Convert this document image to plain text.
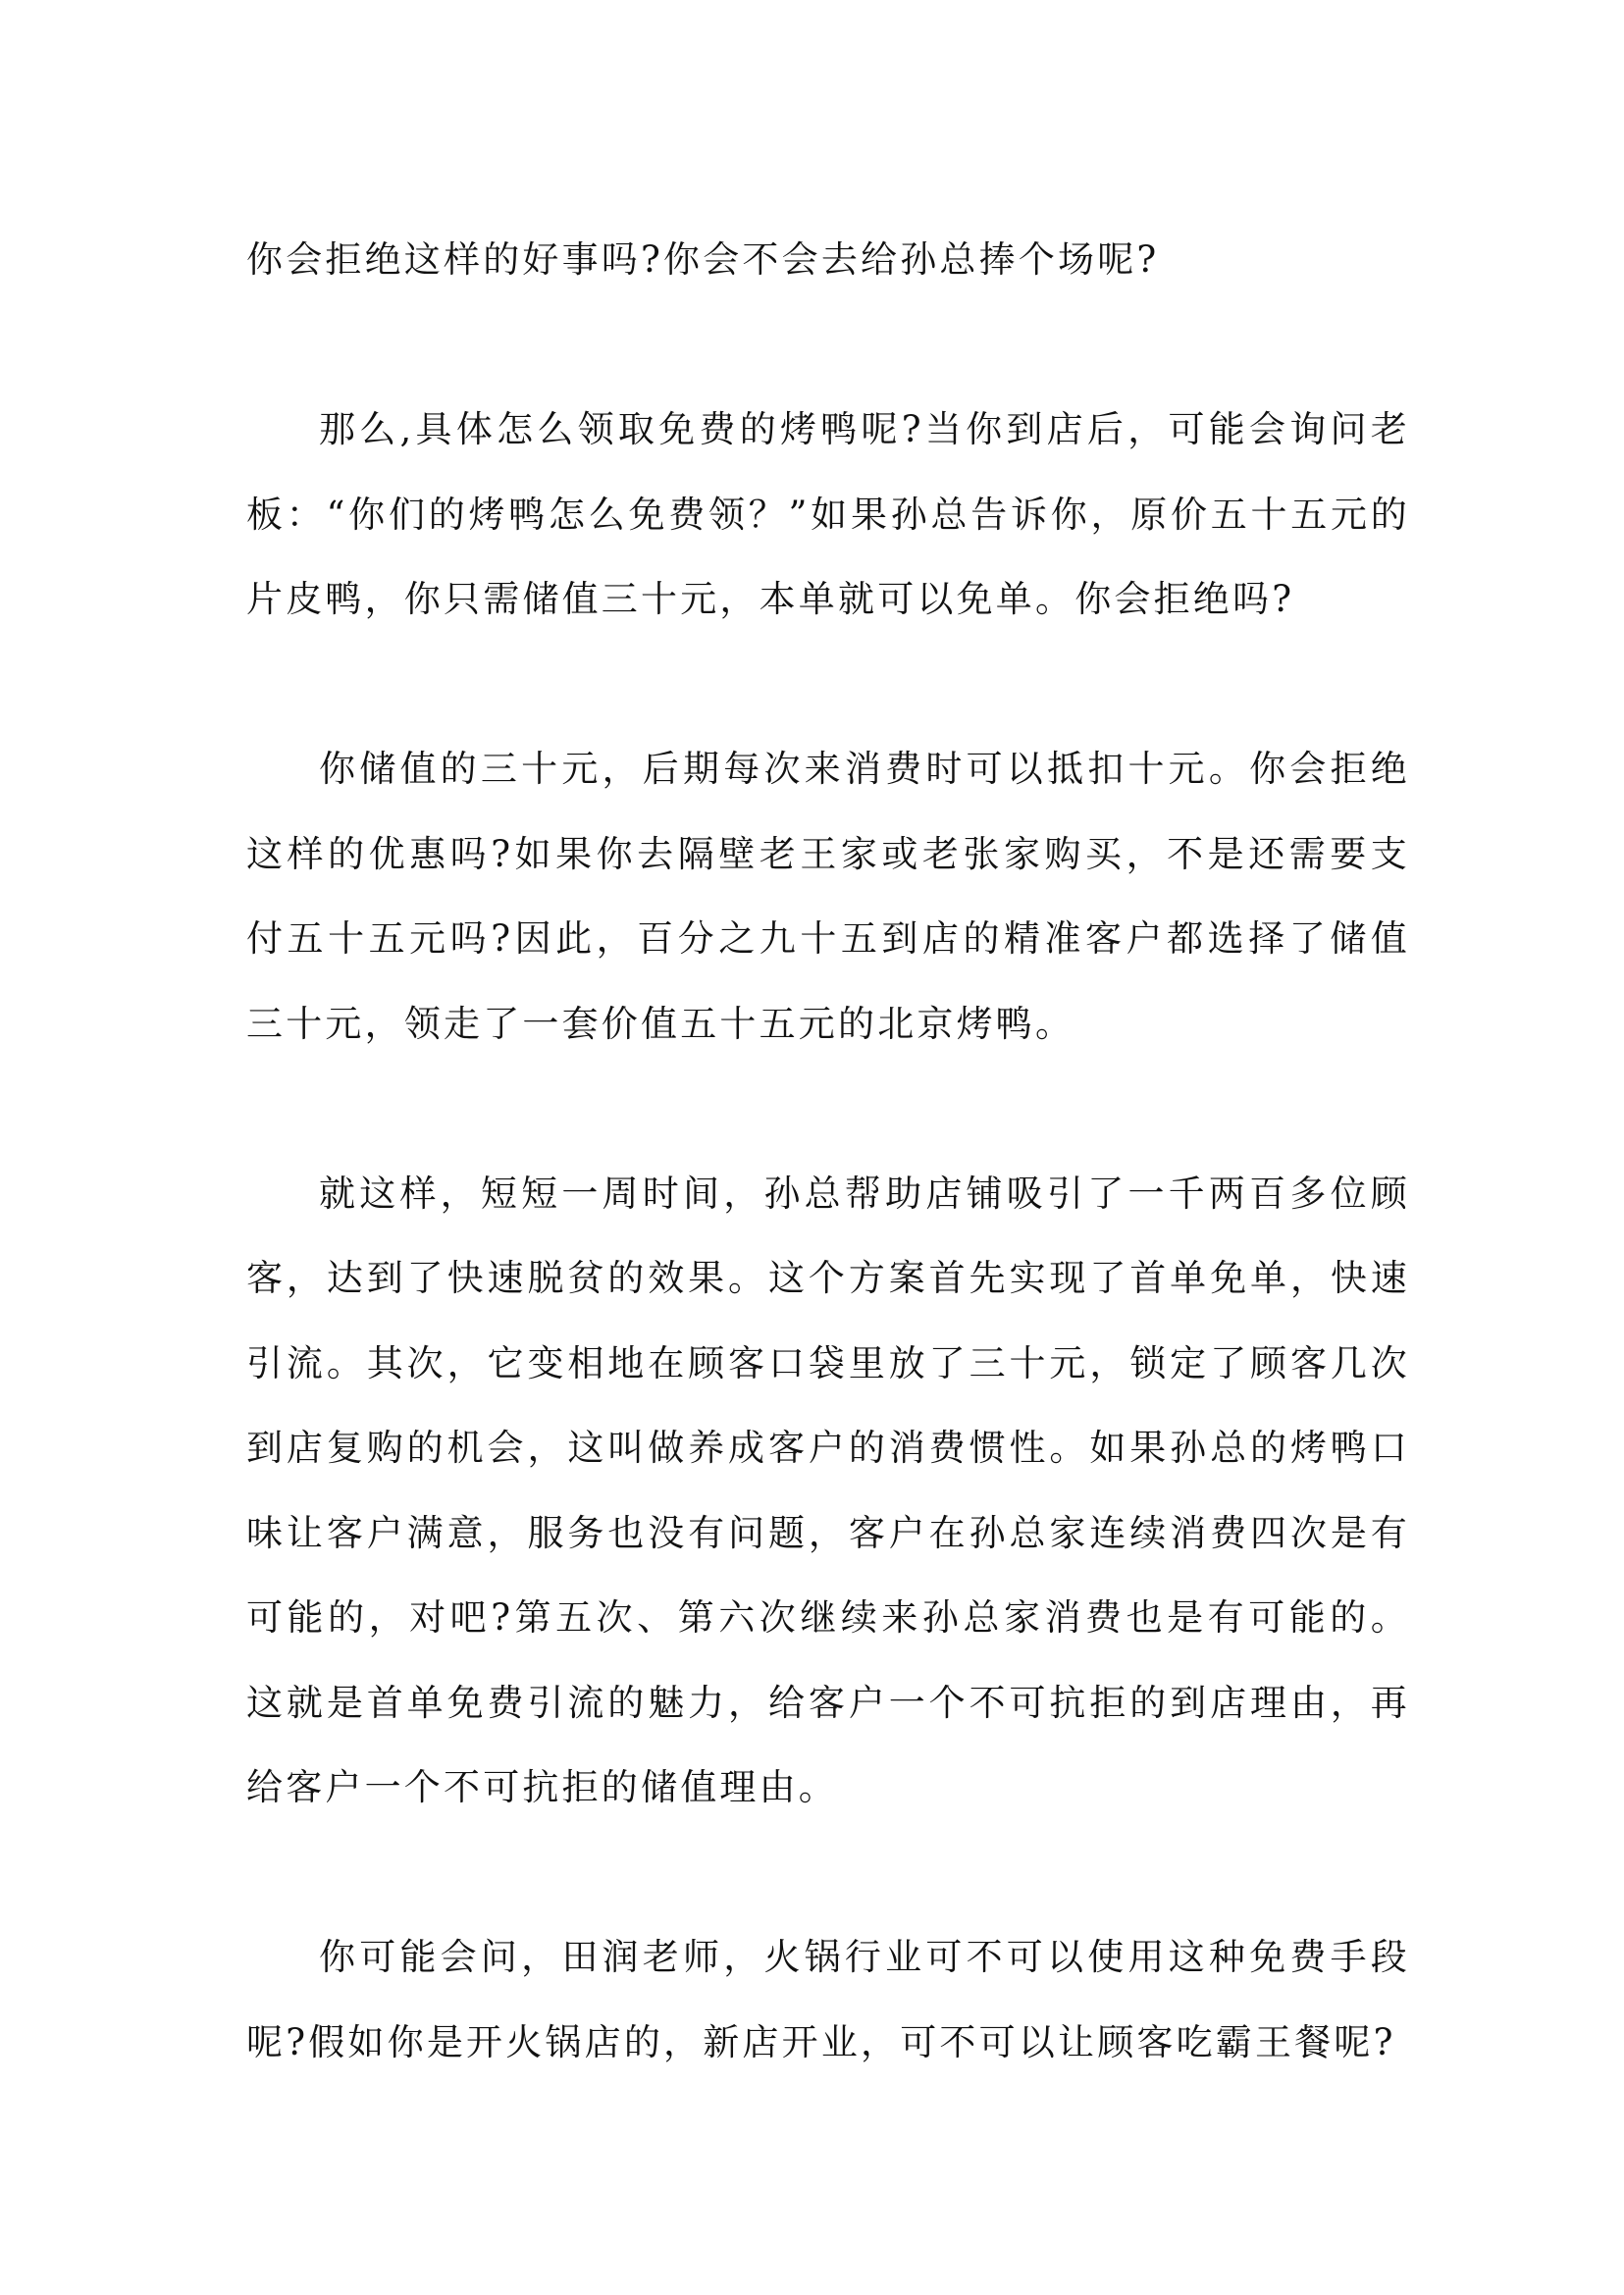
你会拒绝这样的好事吗?你会不会去给孙总捧个场呢?

那么,具体怎么领取免费的烤鸭呢?当你到店后，可能会询问老板：“你们的烤鸭怎么免费领？”如果孙总告诉你，原价五十五元的片皮鸭，你只需储值三十元，本单就可以免单。你会拒绝吗?

你储值的三十元，后期每次来消费时可以抵扣十元。你会拒绝这样的优惠吗?如果你去隔壁老王家或老张家购买，不是还需要支付五十五元吗?因此，百分之九十五到店的精准客户都选择了储值三十元，领走了一套价值五十五元的北京烤鸭。

就这样，短短一周时间，孙总帮助店铺吸引了一千两百多位顾客，达到了快速脱贫的效果。这个方案首先实现了首单免单，快速引流。其次，它变相地在顾客口袋里放了三十元，锁定了顾客几次到店复购的机会，这叫做养成客户的消费惯性。如果孙总的烤鸭口味让客户满意，服务也没有问题，客户在孙总家连续消费四次是有可能的，对吧?第五次、第六次继续来孙总家消费也是有可能的。这就是首单免费引流的魅力，给客户一个不可抗拒的到店理由，再给客户一个不可抗拒的储值理由。

你可能会问，田润老师，火锅行业可不可以使用这种免费手段呢?假如你是开火锅店的，新店开业，可不可以让顾客吃霸王餐呢?
